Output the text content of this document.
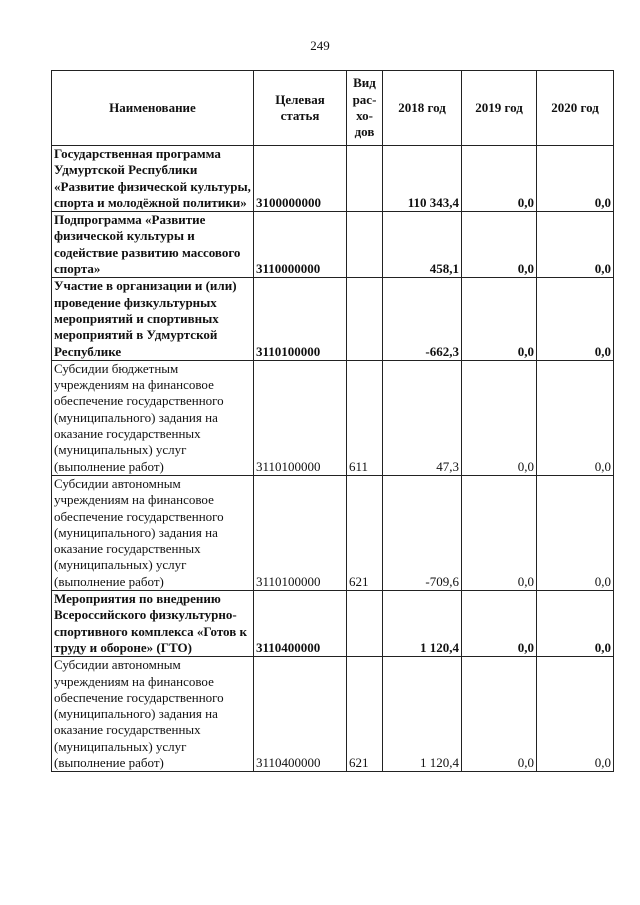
249
Наименование	Целевая статья	Вид рас-хо-дов	2018 год	2019 год	2020 год
Государственная программа Удмуртской Республики «Развитие физической культуры, спорта и молодёжной политики»	3100000000		110 343,4	0,0	0,0
Подпрограмма «Развитие физической культуры и содействие развитию массового спорта»	3110000000		458,1	0,0	0,0
Участие в организации и (или) проведение физкультурных мероприятий и спортивных мероприятий в Удмуртской Республике	3110100000		-662,3	0,0	0,0
Субсидии бюджетным учреждениям на финансовое обеспечение государственного (муниципального) задания на оказание государственных (муниципальных) услуг (выполнение работ)	3110100000	611	47,3	0,0	0,0
Субсидии автономным учреждениям на финансовое обеспечение государственного (муниципального) задания на оказание государственных (муниципальных) услуг (выполнение работ)	3110100000	621	-709,6	0,0	0,0
Мероприятия по внедрению Всероссийского физкультурно-спортивного комплекса «Готов к труду и обороне» (ГТО)	3110400000		1 120,4	0,0	0,0
Субсидии автономным учреждениям на финансовое обеспечение государственного (муниципального) задания на оказание государственных (муниципальных) услуг (выполнение работ)	3110400000	621	1 120,4	0,0	0,0
